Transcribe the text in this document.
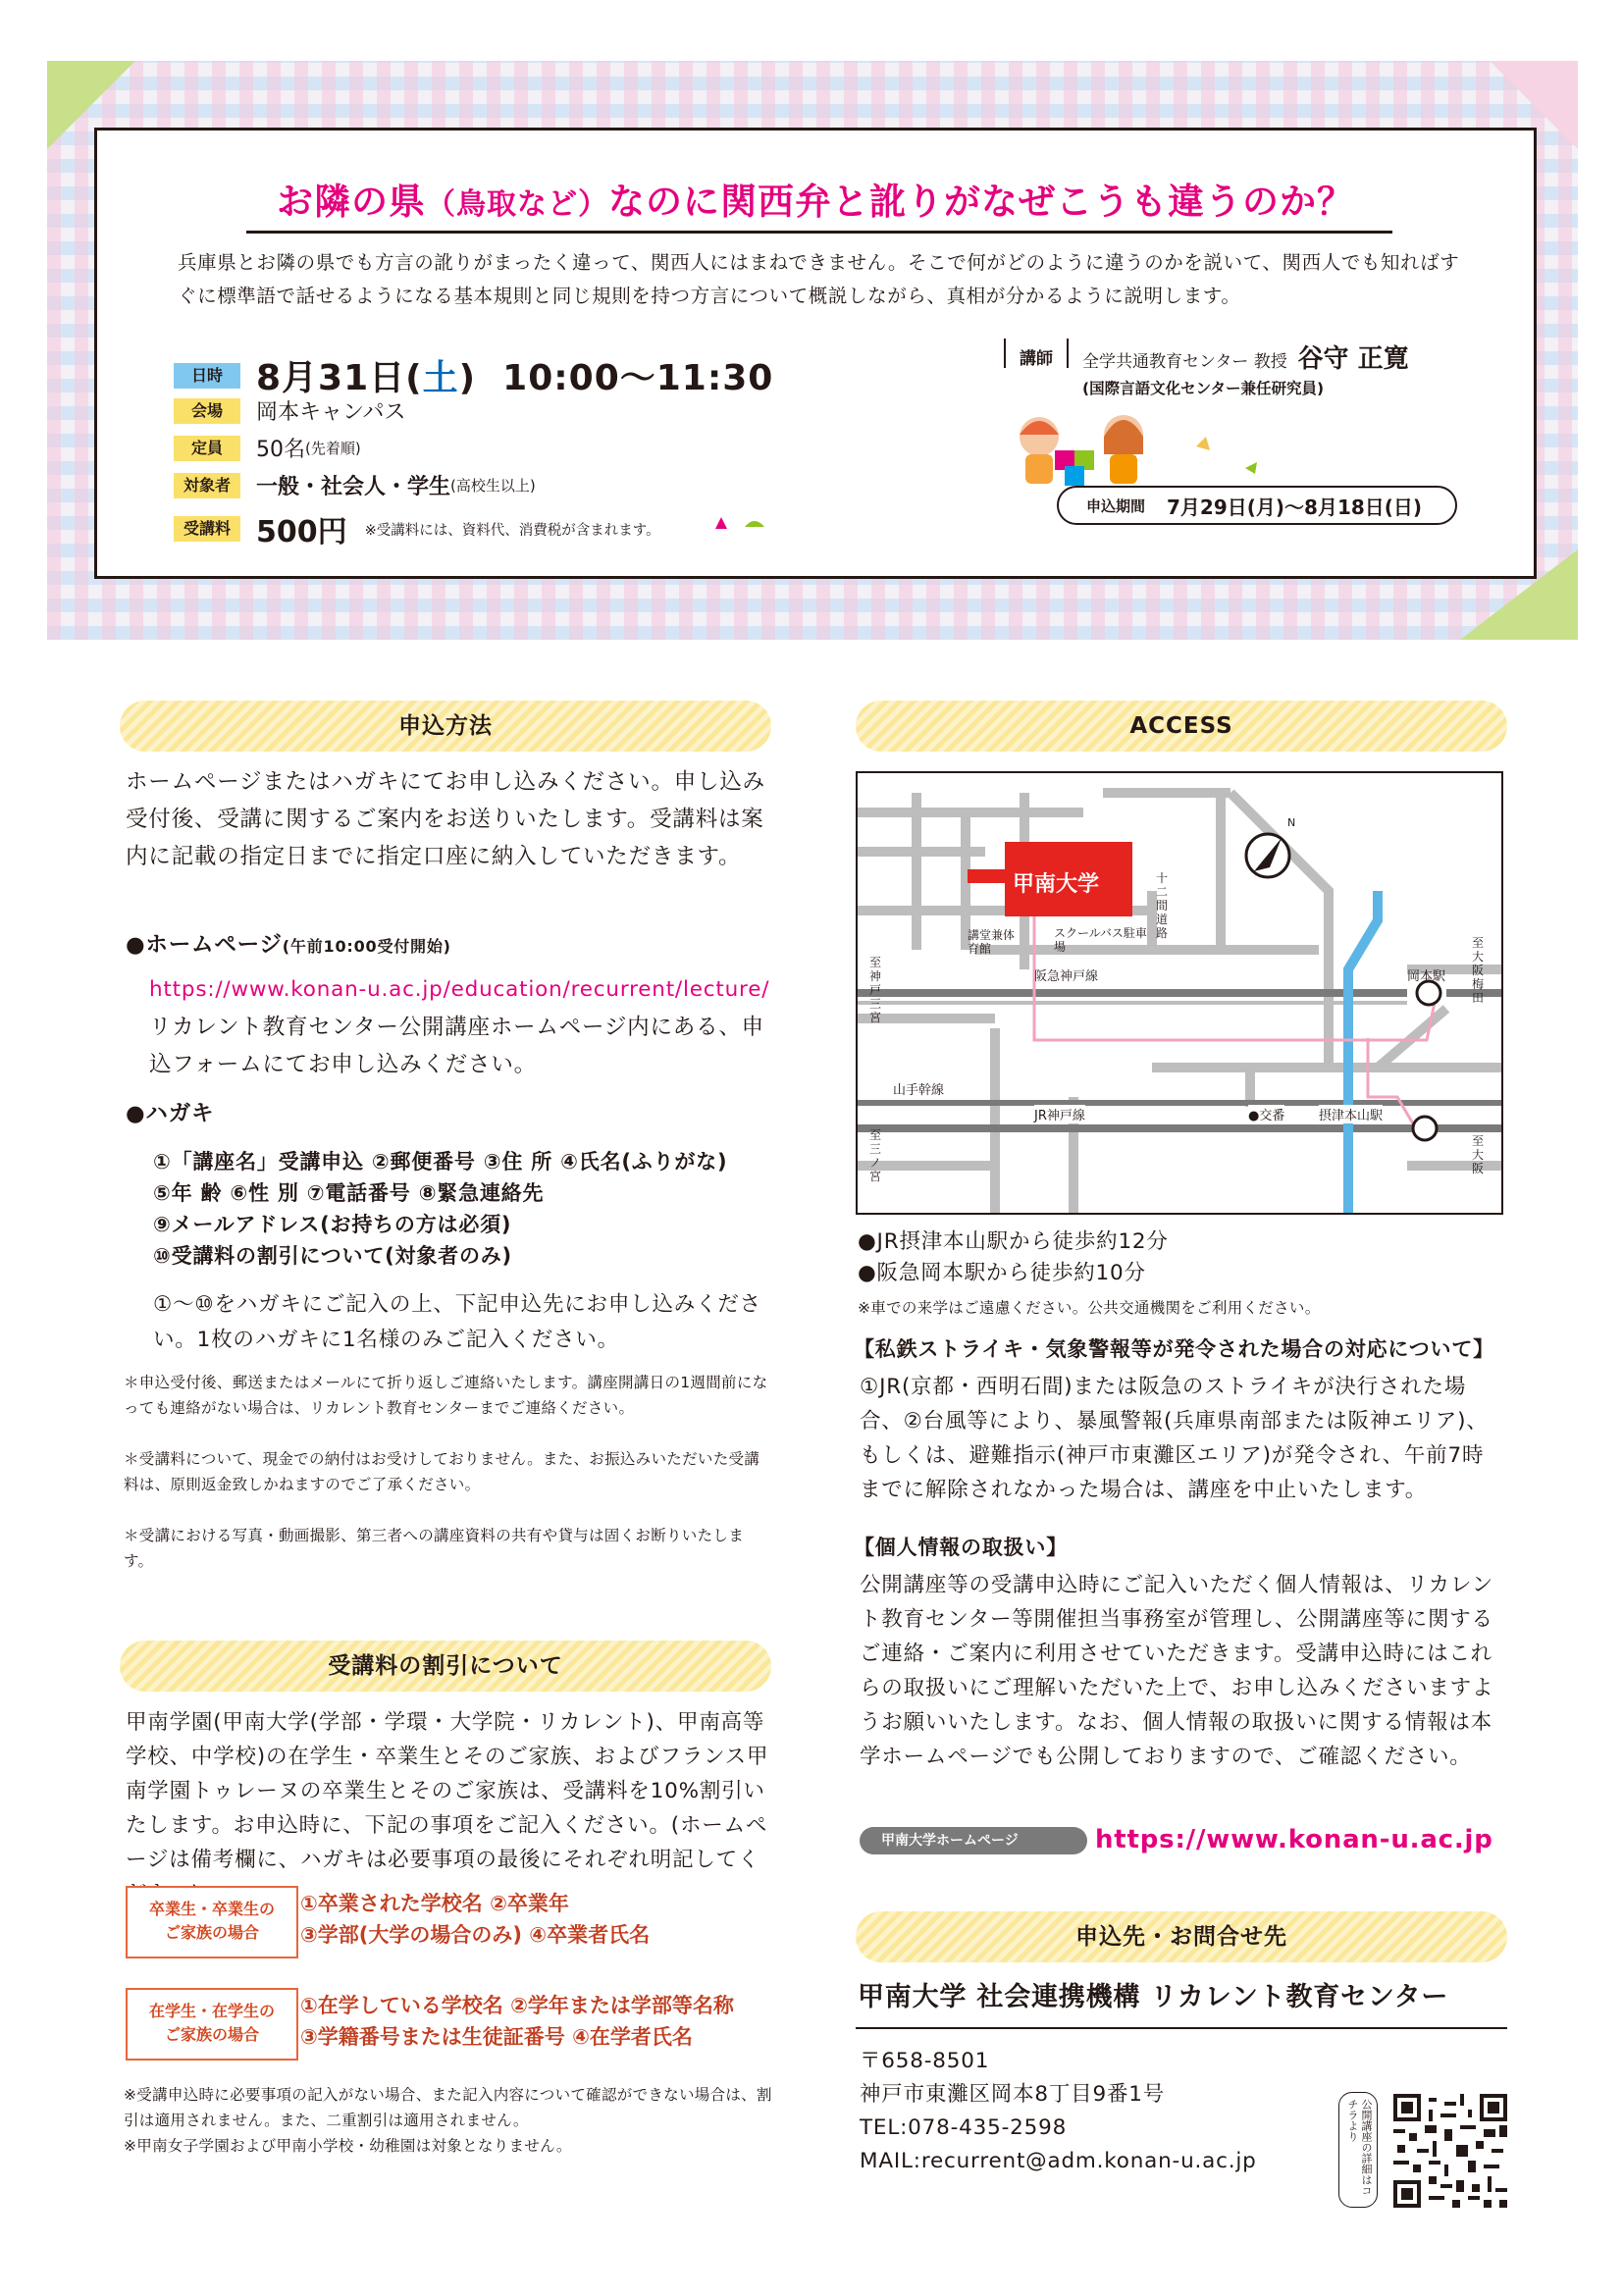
お隣の県（鳥取など）なのに関西弁と訛りがなぜこうも違うのか？
兵庫県とお隣の県でも方言の訛りがまったく違って、関西人にはまねできません。そこで何がどのように違うのかを説いて、関西人でも知ればすぐに標準語で話せるようになる基本規則と同じ規則を持つ方言について概説しながら、真相が分かるように説明します。
日時 8月31日(土) 10:00〜11:30
会場	岡本キャンパス
定員	50名 (先着順)
対象者	一般・社会人・学生 (高校生以上)
受講料 500円 ※受講料には、資料代、消費税が含まれます。
講師 全学共通教育センター 教授 谷守 正寛
(国際言語文化センター兼任研究員)
申込期間 7月29日(月)〜8月18日(日)
申込方法
ホームページまたはハガキにてお申し込みください。申し込み受付後、受講に関するご案内をお送りいたします。受講料は案内に記載の指定日までに指定口座に納入していただきます。
●ホームページ(午前10:00受付開始)
https://www.konan-u.ac.jp/education/recurrent/lecture/
リカレント教育センター公開講座ホームページ内にある、申込フォームにてお申し込みください。
●ハガキ
①「講座名」受講申込 ②郵便番号 ③住 所 ④氏名(ふりがな)
⑤年 齢 ⑥性 別 ⑦電話番号 ⑧緊急連絡先
⑨メールアドレス(お持ちの方は必須)
⑩受講料の割引について(対象者のみ)
①〜⑩をハガキにご記入の上、下記申込先にお申し込みください。1枚のハガキに1名様のみご記入ください。
＊申込受付後、郵送またはメールにて折り返しご連絡いたします。講座開講日の1週間前になっても連絡がない場合は、リカレント教育センターまでご連絡ください。
＊受講料について、現金での納付はお受けしておりません。また、お振込みいただいた受講料は、原則返金致しかねますのでご了承ください。
＊受講における写真・動画撮影、第三者への講座資料の共有や貸与は固くお断りいたします。
受講料の割引について
甲南学園(甲南大学(学部・学環・大学院・リカレント)、甲南高等学校、中学校)の在学生・卒業生とそのご家族、およびフランス甲南学園トゥレーヌの卒業生とそのご家族は、受講料を10%割引いたします。お申込時に、下記の事項をご記入ください。(ホームページは備考欄に、ハガキは必要事項の最後にそれぞれ明記してく
卒業生・卒業生の
ご家族の場合
①卒業された学校名 ②卒業年
③学部(大学の場合のみ) ④卒業者氏名
在学生・在学生の
ご家族の場合
①在学している学校名 ②学年または学部等名称
③学籍番号または生徒証番号 ④在学者氏名
※受講申込時に必要事項の記入がない場合、また記入内容について確認ができない場合は、割引は適用されません。また、二重割引は適用されません。
※甲南女子学園および甲南小学校・幼稚園は対象となりません。
ACCESS
甲南大学
講堂兼体育館
スクールバス駐車場
十二間道路
阪急神戸線	岡本駅
至大阪梅田
至神戸三宮
山手幹線
JR神戸線	●交番	摂津本山駅
至三ノ宮
至大阪
N
●JR摂津本山駅から徒歩約12分
●阪急岡本駅から徒歩約10分
※車での来学はご遠慮ください。公共交通機関をご利用ください。
【私鉄ストライキ・気象警報等が発令された場合の対応について】
①JR(京都・西明石間)または阪急のストライキが決行された場合、②台風等により、暴風警報(兵庫県南部または阪神エリア)、もしくは、避難指示(神戸市東灘区エリア)が発令され、午前7時までに解除されなかった場合は、講座を中止いたします。
【個人情報の取扱い】
公開講座等の受講申込時にご記入いただく個人情報は、リカレント教育センター等開催担当事務室が管理し、公開講座等に関するご連絡・ご案内に利用させていただきます。受講申込時にはこれらの取扱いにご理解いただいた上で、お申し込みくださいますようお願いいたします。なお、個人情報の取扱いに関する情報は本学ホームページでも公開しておりますので、ご確認ください。
甲南大学ホームページ	https://www.konan-u.ac.jp
申込先・お問合せ先
甲南大学 社会連携機構 リカレント教育センター
〒658-8501
神戸市東灘区岡本8丁目9番1号
TEL:078-435-2598
MAIL:recurrent@adm.konan-u.ac.jp	公開講座の詳細はコチラより
